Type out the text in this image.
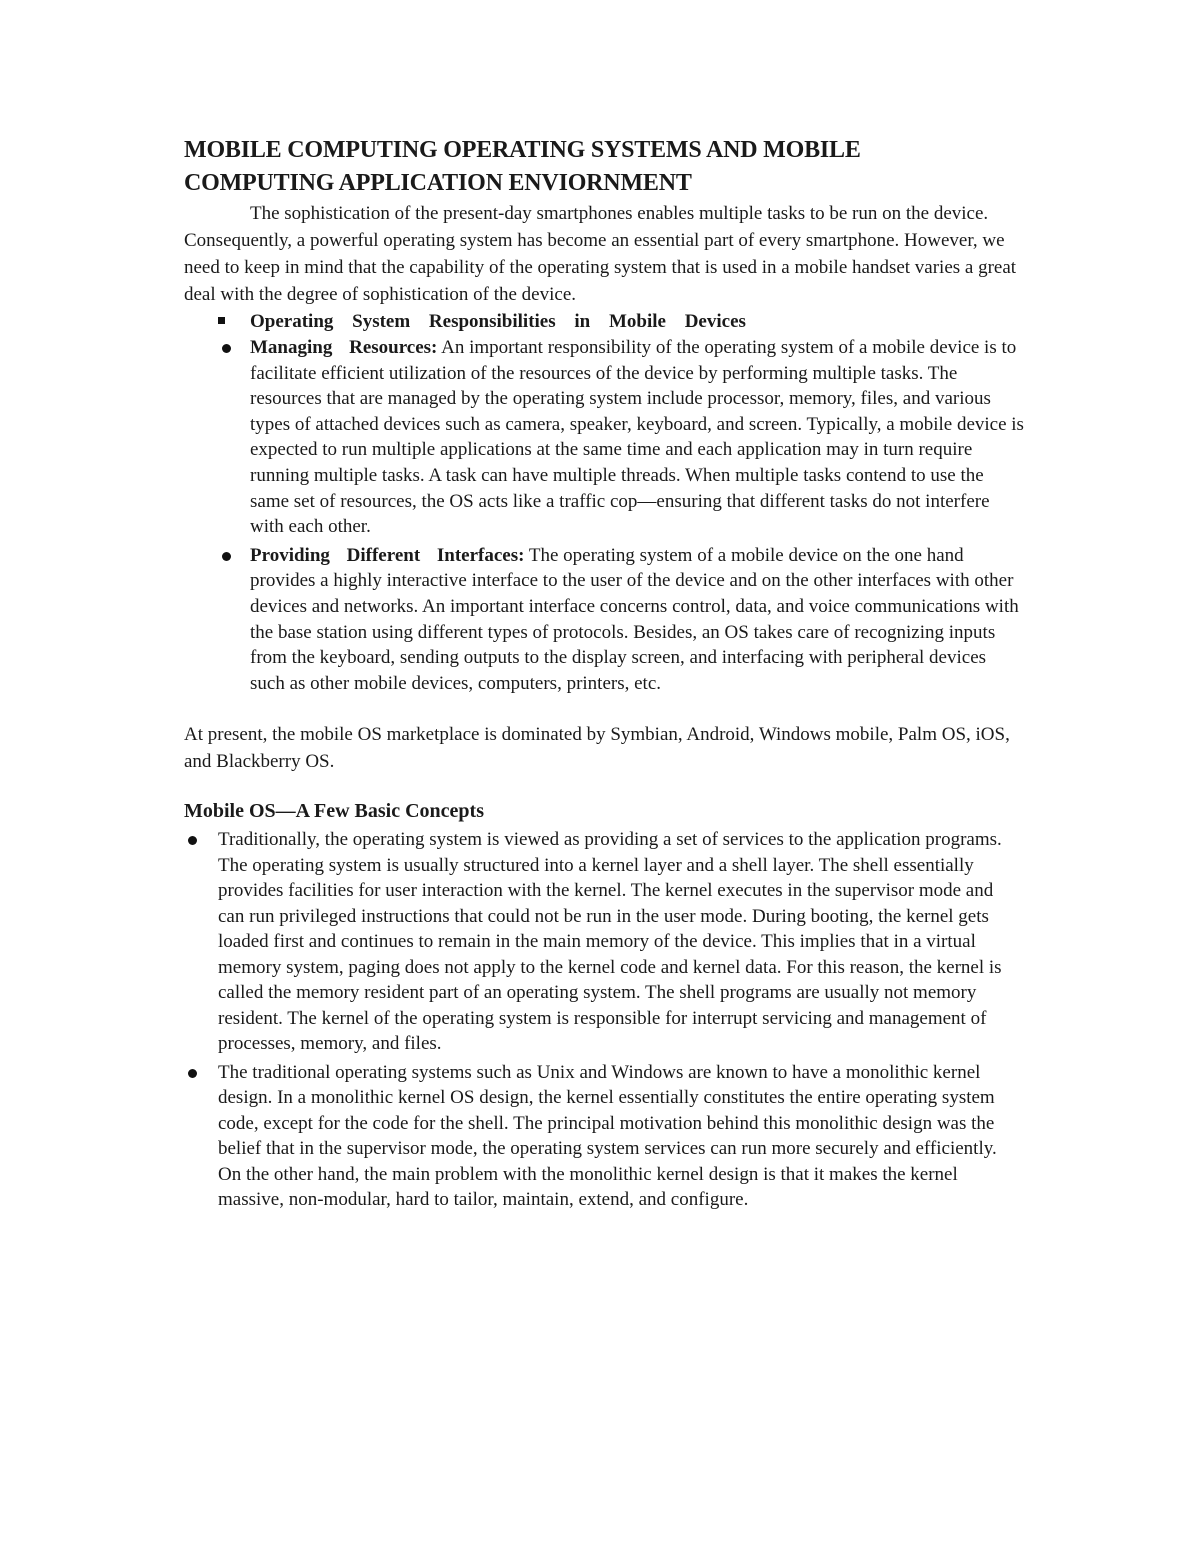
MOBILE COMPUTING OPERATING SYSTEMS AND MOBILE
COMPUTING APPLICATION ENVIORNMENT

The sophistication of the present-day smartphones enables multiple tasks to be run on the device. Consequently, a powerful operating system has become an essential part of every smartphone. However, we need to keep in mind that the capability of the operating system that is used in a mobile handset varies a great deal with the degree of sophistication of the device.

Operating System Responsibilities in Mobile Devices
Managing Resources: An important responsibility of the operating system of a mobile device is to facilitate efficient utilization of the resources of the device by performing multiple tasks. The resources that are managed by the operating system include processor, memory, files, and various types of attached devices such as camera, speaker, keyboard, and screen. Typically, a mobile device is expected to run multiple applications at the same time and each application may in turn require running multiple tasks. A task can have multiple threads. When multiple tasks contend to use the same set of resources, the OS acts like a traffic cop—ensuring that different tasks do not interfere with each other.
Providing Different Interfaces: The operating system of a mobile device on the one hand provides a highly interactive interface to the user of the device and on the other interfaces with other devices and networks. An important interface concerns control, data, and voice communications with the base station using different types of protocols. Besides, an OS takes care of recognizing inputs from the keyboard, sending outputs to the display screen, and interfacing with peripheral devices such as other mobile devices, computers, printers, etc.

At present, the mobile OS marketplace is dominated by Symbian, Android, Windows mobile, Palm OS, iOS, and Blackberry OS.

Mobile OS—A Few Basic Concepts
Traditionally, the operating system is viewed as providing a set of services to the application programs. The operating system is usually structured into a kernel layer and a shell layer. The shell essentially provides facilities for user interaction with the kernel. The kernel executes in the supervisor mode and can run privileged instructions that could not be run in the user mode. During booting, the kernel gets loaded first and continues to remain in the main memory of the device. This implies that in a virtual memory system, paging does not apply to the kernel code and kernel data. For this reason, the kernel is called the memory resident part of an operating system. The shell programs are usually not memory resident. The kernel of the operating system is responsible for interrupt servicing and management of processes, memory, and files.
The traditional operating systems such as Unix and Windows are known to have a monolithic kernel design. In a monolithic kernel OS design, the kernel essentially constitutes the entire operating system code, except for the code for the shell. The principal motivation behind this monolithic design was the belief that in the supervisor mode, the operating system services can run more securely and efficiently. On the other hand, the main problem with the monolithic kernel design is that it makes the kernel massive, non-modular, hard to tailor, maintain, extend, and configure.
